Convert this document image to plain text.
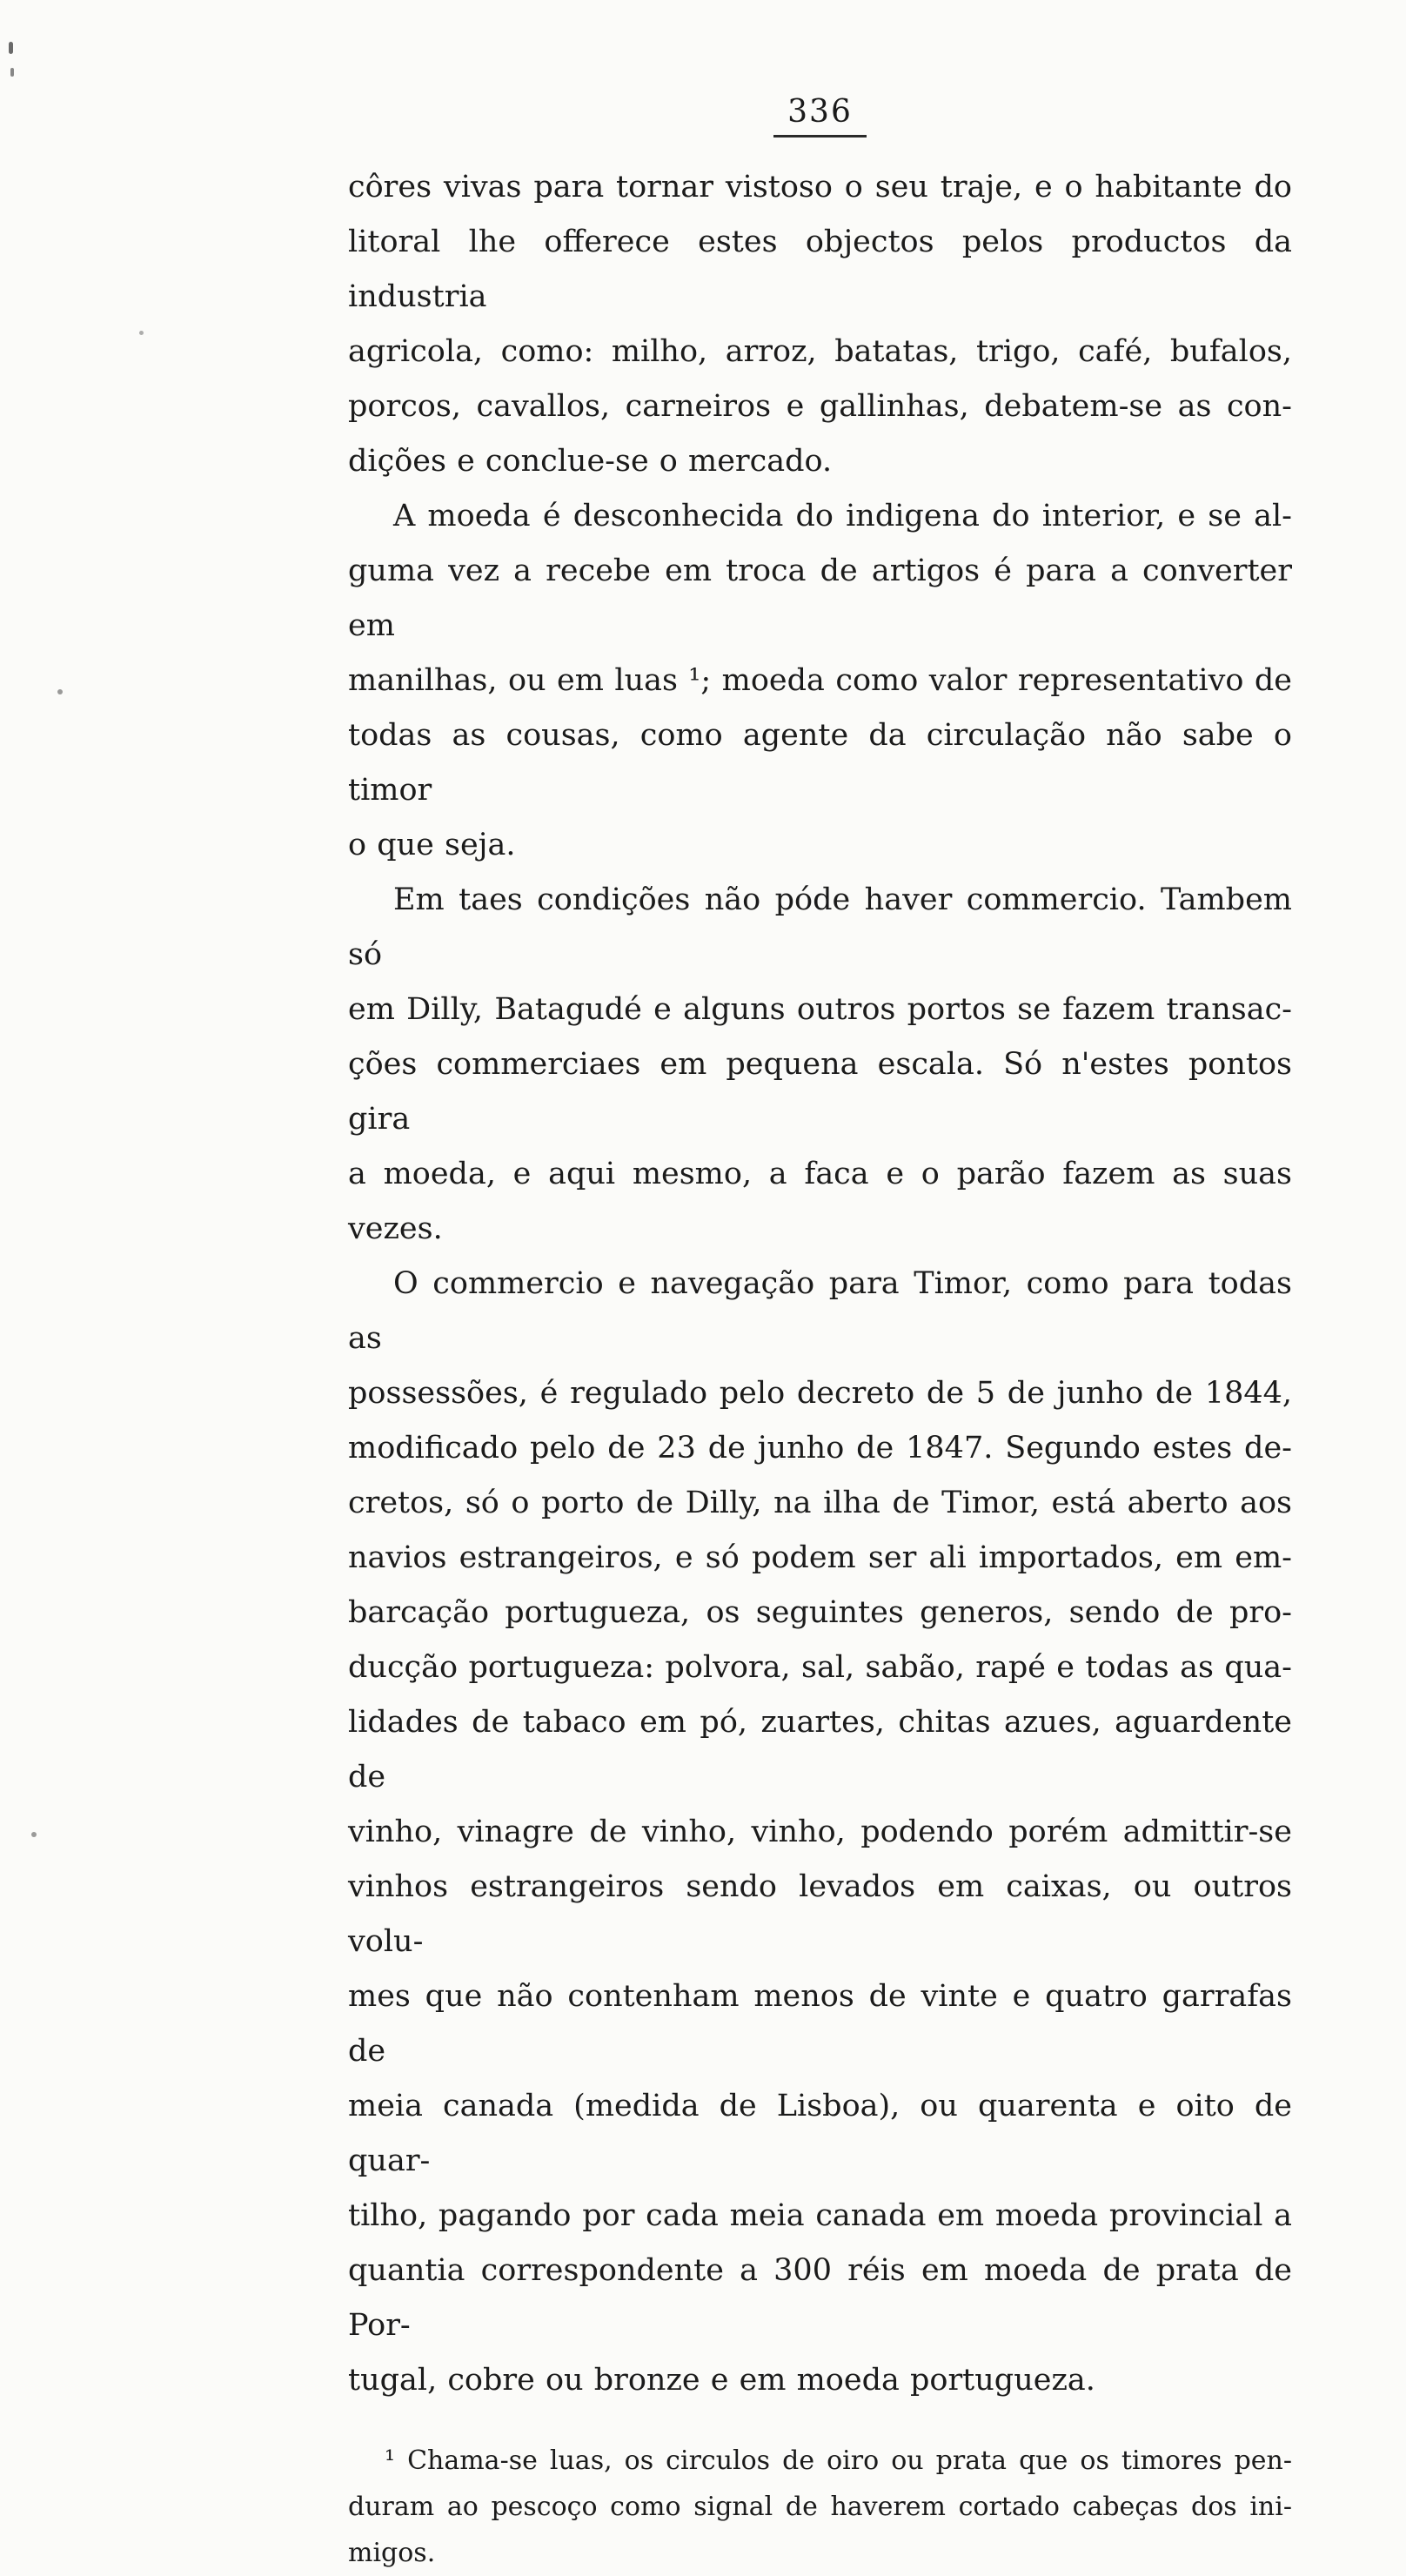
336
côres vivas para tornar vistoso o seu traje, e o habitante do
litoral lhe offerece estes objectos pelos productos da industria
agricola, como: milho, arroz, batatas, trigo, café, bufalos,
porcos, cavallos, carneiros e gallinhas, debatem-se as con-
dições e conclue-se o mercado.
A moeda é desconhecida do indigena do interior, e se al-
guma vez a recebe em troca de artigos é para a converter em
manilhas, ou em luas ¹; moeda como valor representativo de
todas as cousas, como agente da circulação não sabe o timor
o que seja.
Em taes condições não póde haver commercio. Tambem só
em Dilly, Batagudé e alguns outros portos se fazem transac-
ções commerciaes em pequena escala. Só n'estes pontos gira
a moeda, e aqui mesmo, a faca e o parão fazem as suas vezes.
O commercio e navegação para Timor, como para todas as
possessões, é regulado pelo decreto de 5 de junho de 1844,
modificado pelo de 23 de junho de 1847. Segundo estes de-
cretos, só o porto de Dilly, na ilha de Timor, está aberto aos
navios estrangeiros, e só podem ser ali importados, em em-
barcação portugueza, os seguintes generos, sendo de pro-
ducção portugueza: polvora, sal, sabão, rapé e todas as qua-
lidades de tabaco em pó, zuartes, chitas azues, aguardente de
vinho, vinagre de vinho, vinho, podendo porém admittir-se
vinhos estrangeiros sendo levados em caixas, ou outros volu-
mes que não contenham menos de vinte e quatro garrafas de
meia canada (medida de Lisboa), ou quarenta e oito de quar-
tilho, pagando por cada meia canada em moeda provincial a
quantia correspondente a 300 réis em moeda de prata de Por-
tugal, cobre ou bronze e em moeda portugueza.
¹ Chama-se luas, os circulos de oiro ou prata que os timores pen-
duram ao pescoço como signal de haverem cortado cabeças dos ini-
migos.
